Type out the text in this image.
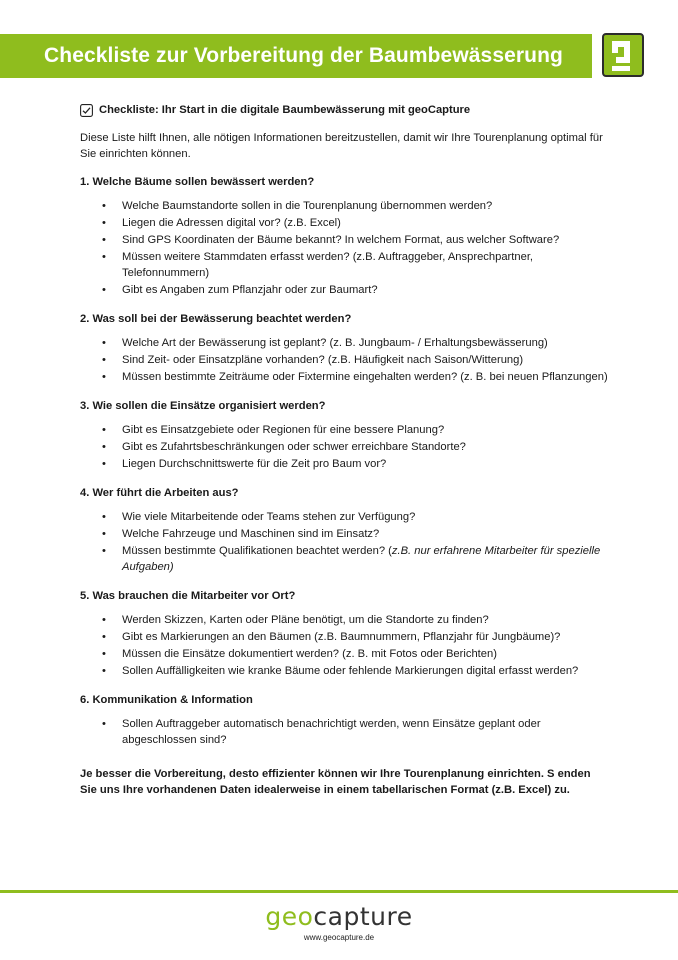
Checkliste zur Vorbereitung der Baumbewässerung
Checkliste: Ihr Start in die digitale Baumbewässerung mit geoCapture

Diese Liste hilft Ihnen, alle nötigen Informationen bereitzustellen, damit wir Ihre Tourenplanung optimal für Sie einrichten können.

1. Welche Bäume sollen bewässert werden?

• Welche Baumstandorte sollen in die Tourenplanung übernommen werden?
• Liegen die Adressen digital vor? (z.B. Excel)
• Sind GPS Koordinaten der Bäume bekannt? In welchem Format, aus welcher Software?
• Müssen weitere Stammdaten erfasst werden? (z.B. Auftraggeber, Ansprechpartner, Telefonnummern)
• Gibt es Angaben zum Pflanzjahr oder zur Baumart?

2. Was soll bei der Bewässerung beachtet werden?

• Welche Art der Bewässerung ist geplant? (z. B. Jungbaum- / Erhaltungsbewässerung)
• Sind Zeit- oder Einsatzpläne vorhanden? (z.B. Häufigkeit nach Saison/Witterung)
• Müssen bestimmte Zeiträume oder Fixtermine eingehalten werden? (z. B. bei neuen Pflanzungen)

3. Wie sollen die Einsätze organisiert werden?

• Gibt es Einsatzgebiete oder Regionen für eine bessere Planung?
• Gibt es Zufahrtsbeschränkungen oder schwer erreichbare Standorte?
• Liegen Durchschnittswerte für die Zeit pro Baum vor?

4. Wer führt die Arbeiten aus?

• Wie viele Mitarbeitende oder Teams stehen zur Verfügung?
• Welche Fahrzeuge und Maschinen sind im Einsatz?
• Müssen bestimmte Qualifikationen beachtet werden? (z.B. nur erfahrene Mitarbeiter für spezielle Aufgaben)

5. Was brauchen die Mitarbeiter vor Ort?

• Werden Skizzen, Karten oder Pläne benötigt, um die Standorte zu finden?
• Gibt es Markierungen an den Bäumen (z.B. Baumnummern, Pflanzjahr für Jungbäume)?
• Müssen die Einsätze dokumentiert werden? (z. B. mit Fotos oder Berichten)
• Sollen Auffälligkeiten wie kranke Bäume oder fehlende Markierungen digital erfasst werden?

6. Kommunikation & Information

• Sollen Auftraggeber automatisch benachrichtigt werden, wenn Einsätze geplant oder abgeschlossen sind?

Je besser die Vorbereitung, desto effizienter können wir Ihre Tourenplanung einrichten. S enden Sie uns Ihre vorhandenen Daten idealerweise in einem tabellarischen Format (z.B. Excel) zu.

geocapture
www.geocapture.de
